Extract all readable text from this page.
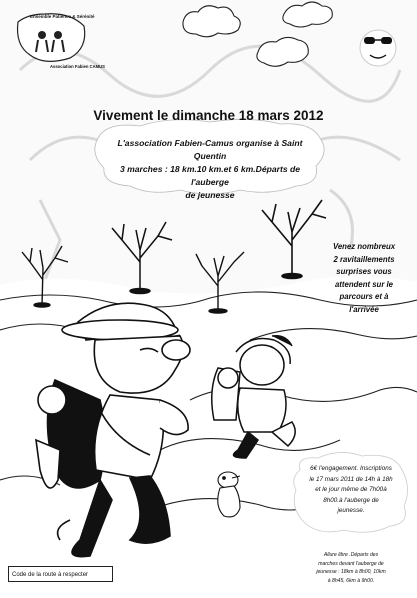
Ensemble Patience & Sérénité
Association Fabien CAMUS
Vivement le dimanche 18 mars 2012
L'association Fabien-Camus organise à Saint Quentin
3 marches : 18 km.10 km.et 6 km.Départs de l'auberge
de jeunesse
Venez nombreux
2 ravitaillements
surprises vous
attendent sur le
parcours et à
l'arrivée
6€ l'engagement. Inscriptions
le 17 mars 2011 de 14h à 18h
et le jour même de 7h00à
8h00.à l'auberge de
jeunesse.
Allure libre .Départs des
marches devant l'auberge de
jeunesse : 18km à 8h00, 10km
à 8h45, 6km à 9h00.
Code de la route à respecter
